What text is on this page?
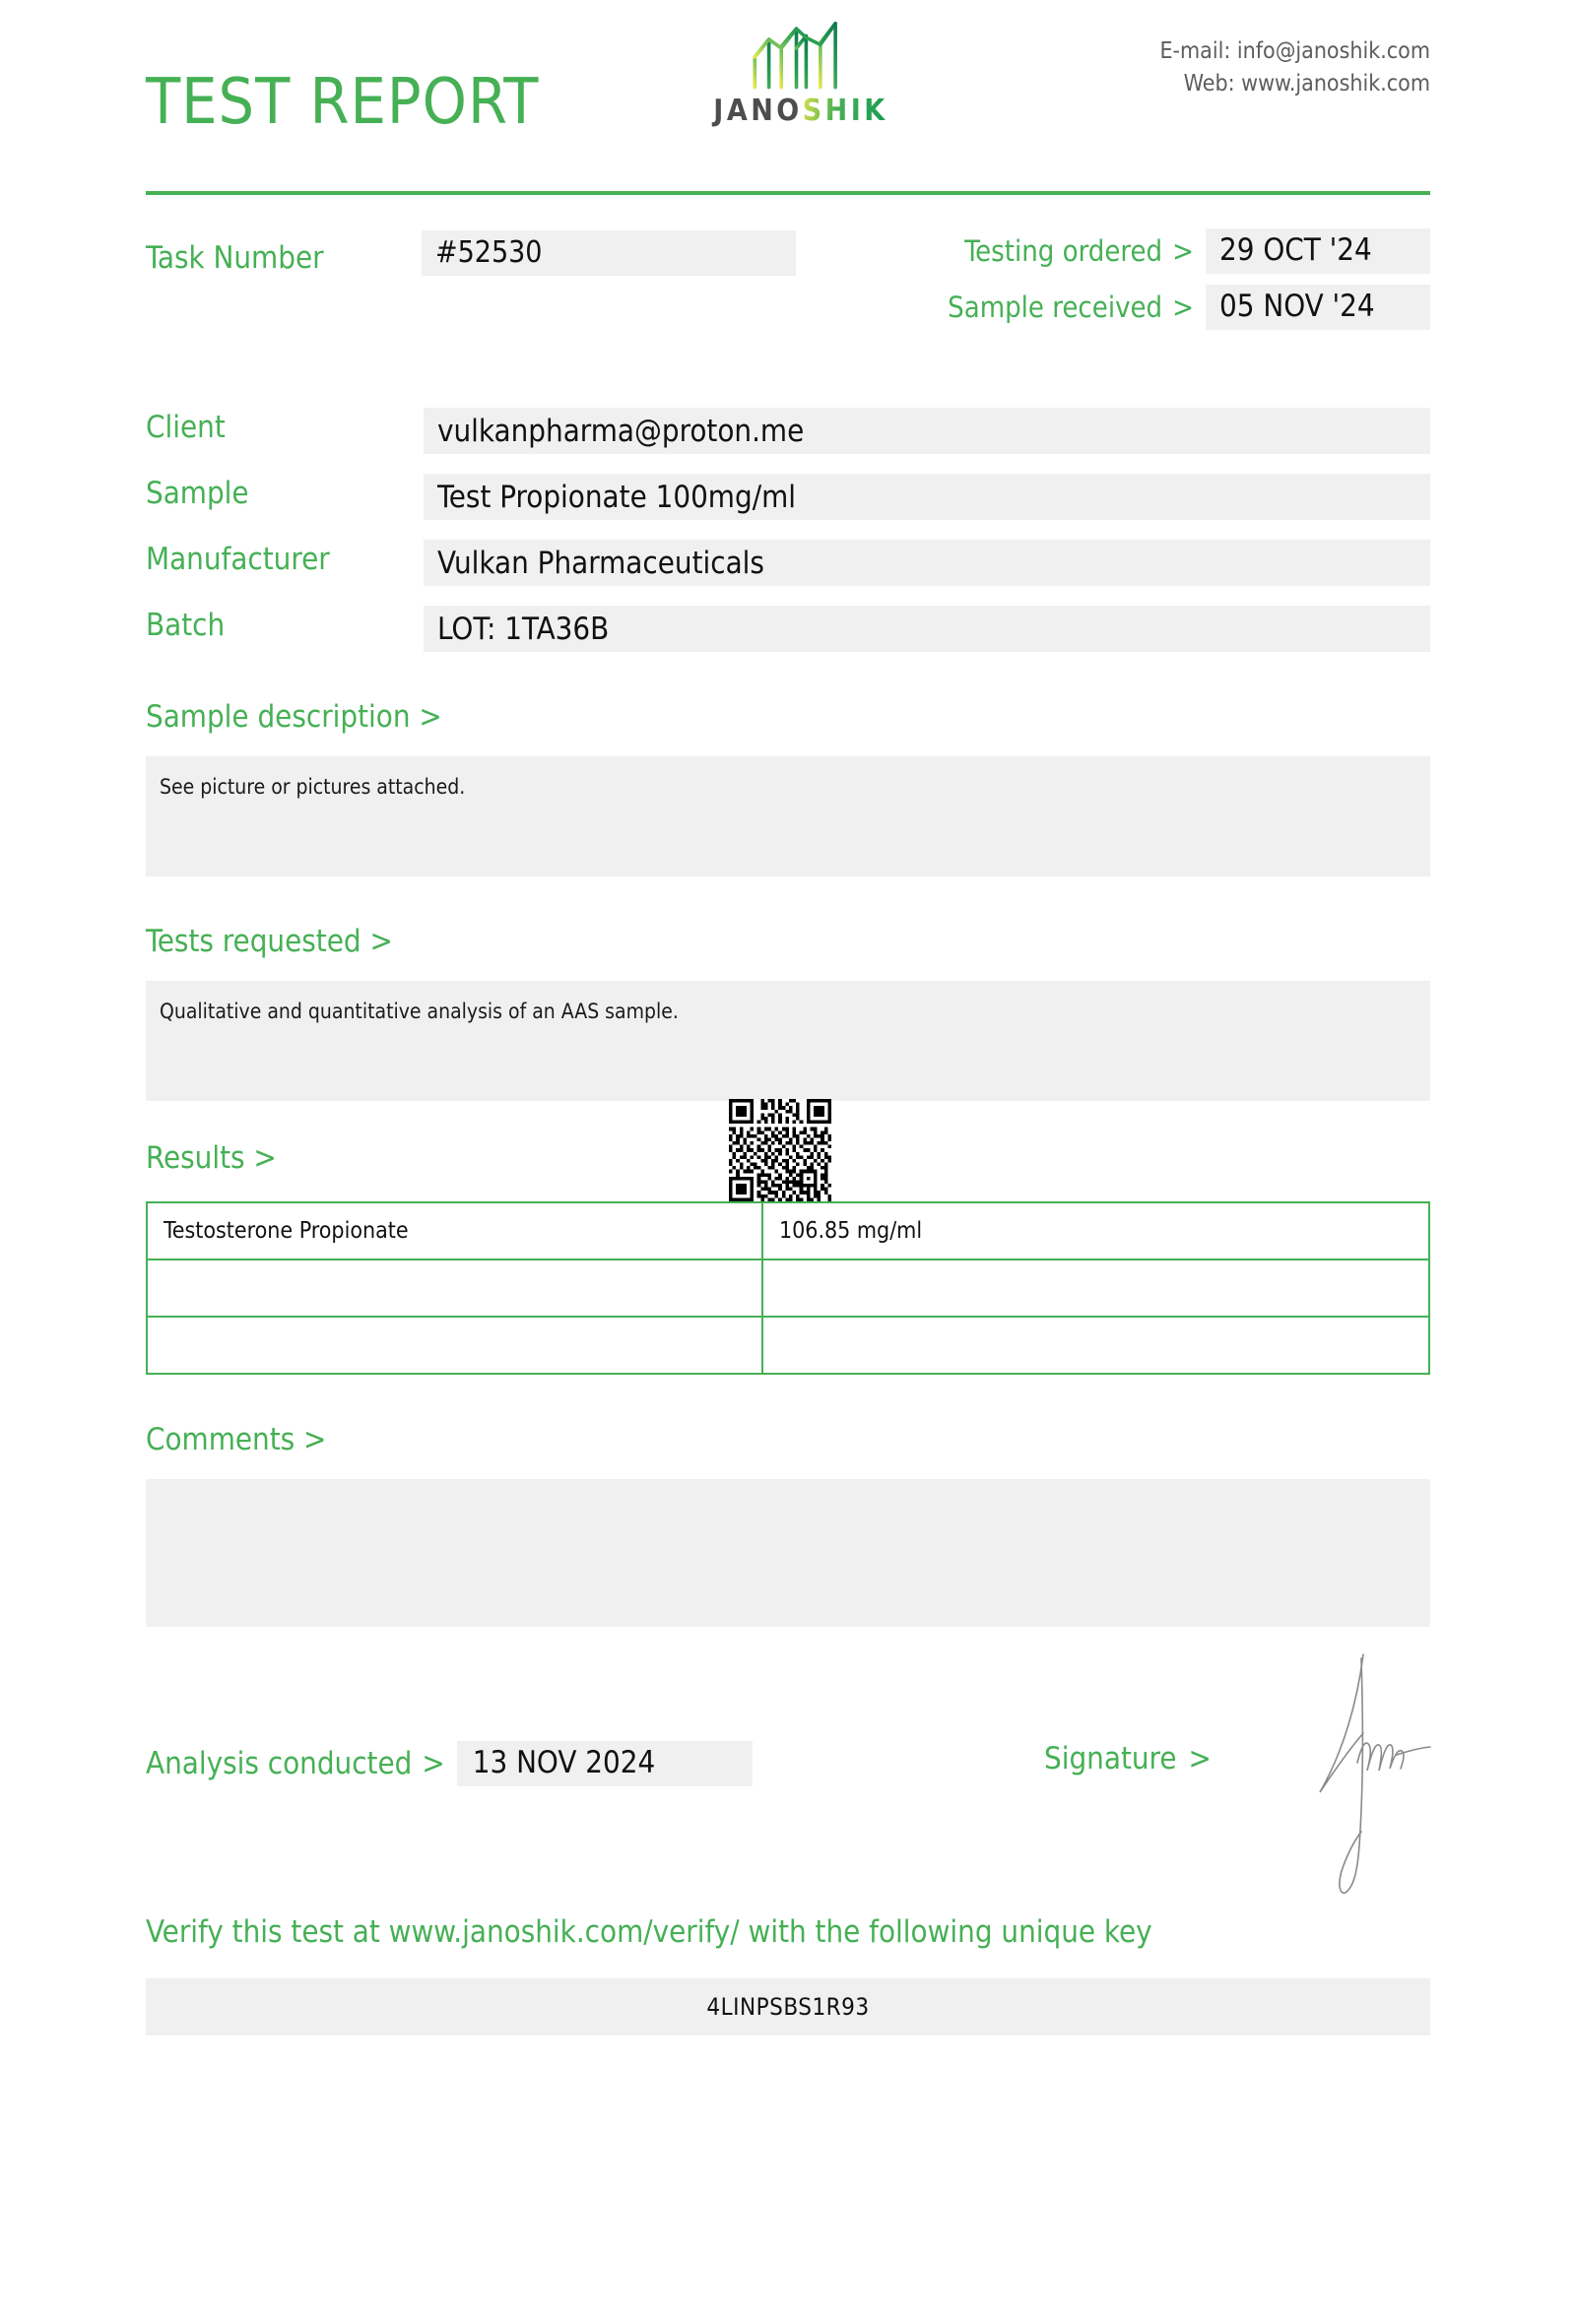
TEST REPORT	JANOSHIK
E-mail: info@janoshik.com
Web: www.janoshik.com
Task Number	#52530	Testing ordered > 29 OCT '24
Sample received > 05 NOV '24
Client	vulkanpharma@proton.me
Sample	Test Propionate 100mg/ml
Manufacturer	Vulkan Pharmaceuticals
Batch	LOT: 1TA36B
Sample description >
See picture or pictures attached.
Tests requested >
Qualitative and quantitative analysis of an AAS sample.
Results >
Testosterone Propionate	106.85 mg/ml

Comments >
Analysis conducted > 13 NOV 2024	Signature >
Verify this test at www.janoshik.com/verify/ with the following unique key
4LINPSBS1R93
